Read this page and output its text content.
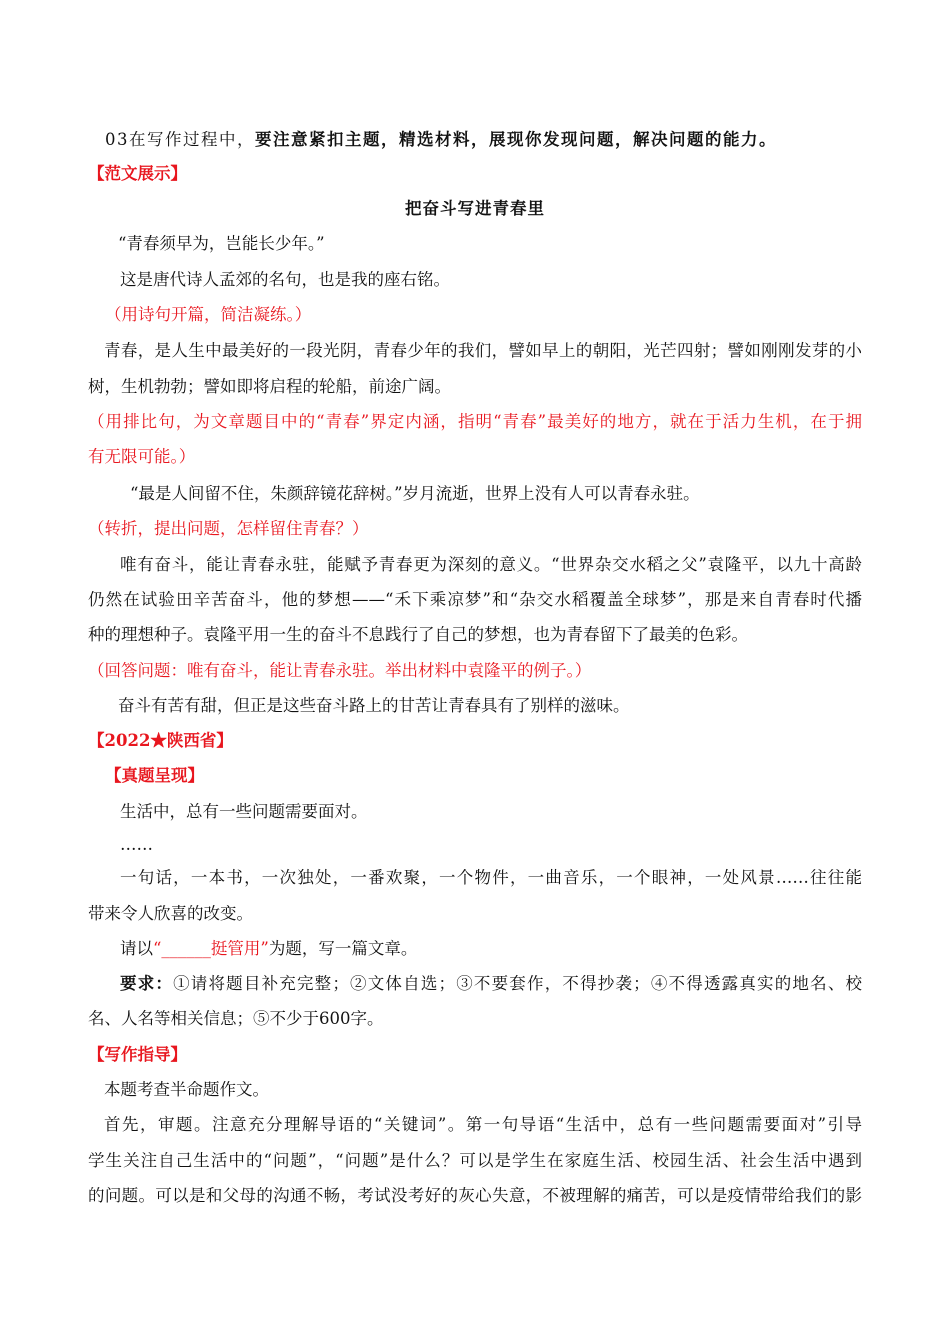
03在写作过程中，要注意紧扣主题，精选材料，展现你发现问题，解决问题的能力。
【范文展示】
把奋斗写进青春里
“青春须早为，岂能长少年。”
这是唐代诗人孟郊的名句，也是我的座右铭。
（用诗句开篇，简洁凝练。）
青春，是人生中最美好的一段光阴，青春少年的我们，譬如早上的朝阳，光芒四射；譬如刚刚发芽的小
树，生机勃勃；譬如即将启程的轮船，前途广阔。
（用排比句，为文章题目中的“青春”界定内涵，指明“青春”最美好的地方，就在于活力生机，在于拥
有无限可能。）
“最是人间留不住，朱颜辞镜花辞树。”岁月流逝，世界上没有人可以青春永驻。
（转折，提出问题，怎样留住青春？）
唯有奋斗，能让青春永驻，能赋予青春更为深刻的意义。“世界杂交水稻之父”袁隆平，以九十高龄
仍然在试验田辛苦奋斗，他的梦想——“禾下乘凉梦”和“杂交水稻覆盖全球梦”，那是来自青春时代播
种的理想种子。袁隆平用一生的奋斗不息践行了自己的梦想，也为青春留下了最美的色彩。
（回答问题：唯有奋斗，能让青春永驻。举出材料中袁隆平的例子。）
奋斗有苦有甜，但正是这些奋斗路上的甘苦让青春具有了别样的滋味。
【2022★陕西省】
【真题呈现】
生活中，总有一些问题需要面对。
……
一句话，一本书，一次独处，一番欢聚，一个物件，一曲音乐，一个眼神，一处风景……往往能
带来令人欣喜的改变。
请以“______挺管用”为题，写一篇文章。
要求：①请将题目补充完整；②文体自选；③不要套作，不得抄袭；④不得透露真实的地名、校
名、人名等相关信息；⑤不少于600字。
【写作指导】
本题考查半命题作文。
首先，审题。注意充分理解导语的“关键词”。第一句导语“生活中，总有一些问题需要面对”引导
学生关注自己生活中的“问题”，“问题”是什么？可以是学生在家庭生活、校园生活、社会生活中遇到
的问题。可以是和父母的沟通不畅，考试没考好的灰心失意，不被理解的痛苦，可以是疫情带给我们的影
